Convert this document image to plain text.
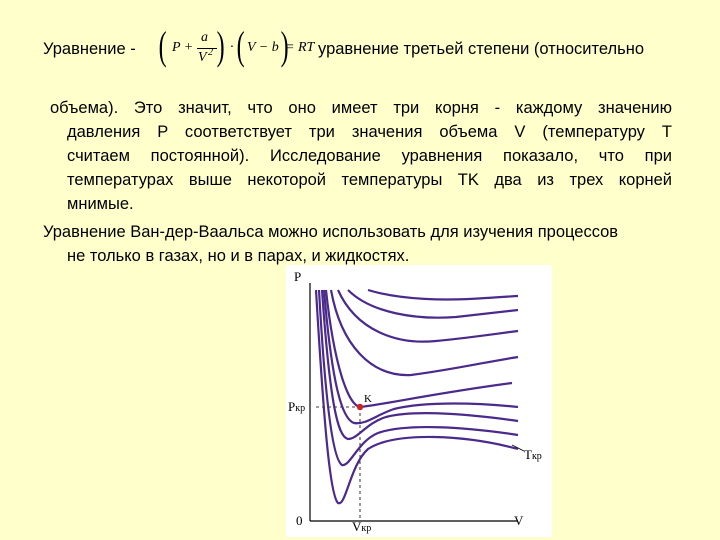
Уравнение - ( P +
a
V 2 ) · ( V − b )
= RT уравнение третьей степени (относительно
объема). Это значит, что оно имеет три корня - каждому значению
давления P соответствует три значения объема V (температуру T
считаем постоянной). Исследование уравнения показало, что при
температурах выше некоторой температуры TK два из трех корней
мнимые.
Уравнение Ван-дер-Ваальса можно использовать для изучения процессов
не только в газах, но и в парах, и жидкостях.
P
0	V
Pкр
Vкр
K
Tкр
